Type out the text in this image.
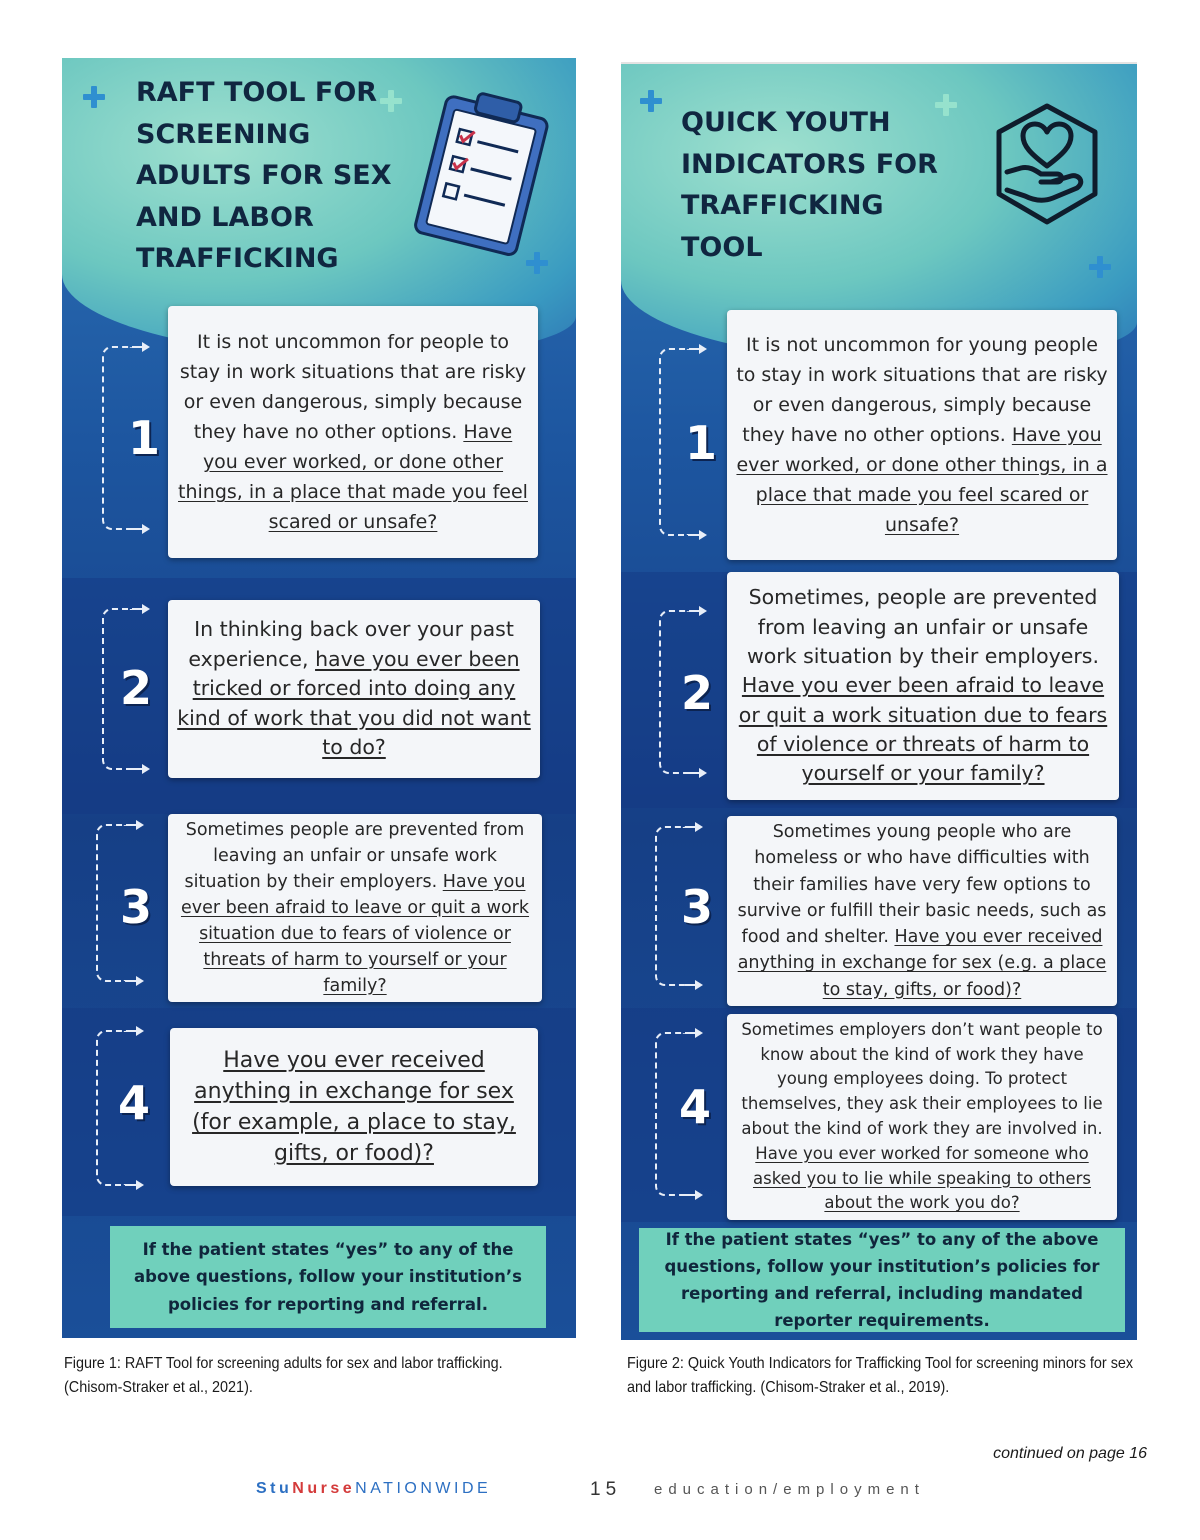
RAFT TOOL FOR
SCREENING
ADULTS FOR SEX
AND LABOR
TRAFFICKING
1
It is not uncommon for people to stay in work situations that are risky or even dangerous, simply because they have no other options. Have you ever worked, or done other things, in a place that made you feel scared or unsafe?
2
In thinking back over your past experience, have you ever been tricked or forced into doing any kind of work that you did not want to do?
3
Sometimes people are prevented from leaving an unfair or unsafe work situation by their employers. Have you ever been afraid to leave or quit a work situation due to fears of violence or threats of harm to yourself or your family?
4
Have you ever received anything in exchange for sex (for example, a place to stay, gifts, or food)?
If the patient states “yes” to any of the above questions, follow your institution’s policies for reporting and referral.
QUICK YOUTH
INDICATORS FOR
TRAFFICKING
TOOL
1
It is not uncommon for young people to stay in work situations that are risky or even dangerous, simply because they have no other options. Have you ever worked, or done other things, in a place that made you feel scared or unsafe?
2
Sometimes, people are prevented from leaving an unfair or unsafe work situation by their employers. Have you ever been afraid to leave or quit a work situation due to fears of violence or threats of harm to yourself or your family?
3
Sometimes young people who are homeless or who have difficulties with their families have very few options to survive or fulfill their basic needs, such as food and shelter. Have you ever received anything in exchange for sex (e.g. a place to stay, gifts, or food)?
4
Sometimes employers don’t want people to know about the kind of work they have young employees doing. To protect themselves, they ask their employees to lie about the kind of work they are involved in. Have you ever worked for someone who asked you to lie while speaking to others about the work you do?
If the patient states “yes” to any of the above questions, follow your institution’s policies for reporting and referral, including mandated reporter requirements.
Figure 1: RAFT Tool for screening adults for sex and labor trafficking. (Chisom-Straker et al., 2021).
Figure 2: Quick Youth Indicators for Trafficking Tool for screening minors for sex and labor trafficking. (Chisom-Straker et al., 2019).
continued on page 16
StuNurseNATIONWIDE	15 education/employment
